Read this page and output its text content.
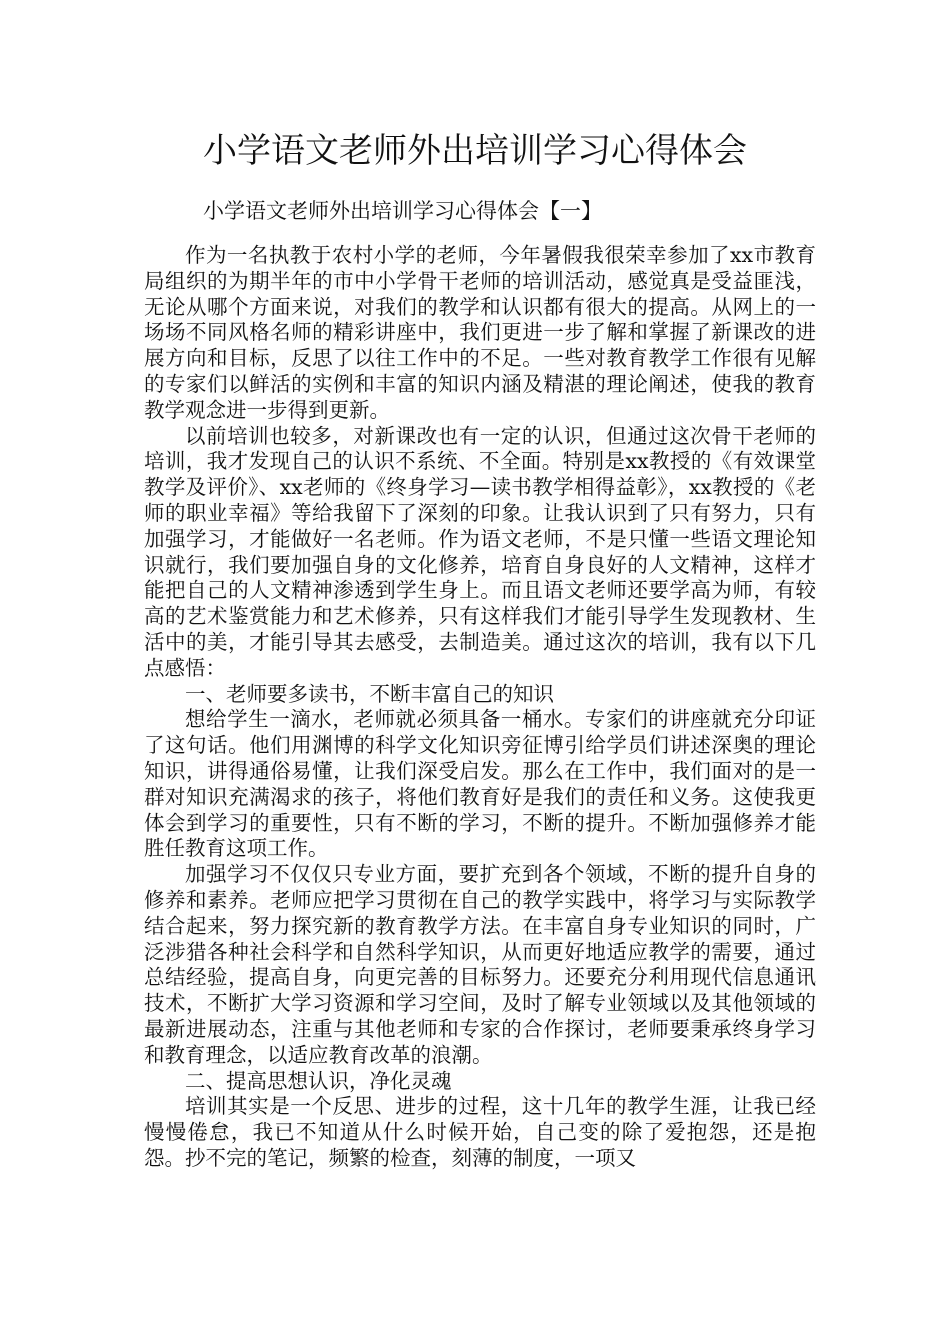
小学语文老师外出培训学习心得体会
小学语文老师外出培训学习心得体会【一】

作为一名执教于农村小学的老师，今年暑假我很荣幸参加了xx市教育局组织的为期半年的市中小学骨干老师的培训活动，感觉真是受益匪浅，无论从哪个方面来说，对我们的教学和认识都有很大的提高。从网上的一场场不同风格名师的精彩讲座中，我们更进一步了解和掌握了新课改的进展方向和目标，反思了以往工作中的不足。一些对教育教学工作很有见解的专家们以鲜活的实例和丰富的知识内涵及精湛的理论阐述，使我的教育教学观念进一步得到更新。

以前培训也较多，对新课改也有一定的认识，但通过这次骨干老师的培训，我才发现自己的认识不系统、不全面。特别是xx教授的《有效课堂教学及评价》、xx老师的《终身学习—读书教学相得益彰》，xx教授的《老师的职业幸福》等给我留下了深刻的印象。让我认识到了只有努力，只有加强学习，才能做好一名老师。作为语文老师，不是只懂一些语文理论知识就行，我们要加强自身的文化修养，培育自身良好的人文精神，这样才能把自己的人文精神渗透到学生身上。而且语文老师还要学高为师，有较高的艺术鉴赏能力和艺术修养，只有这样我们才能引导学生发现教材、生活中的美，才能引导其去感受，去制造美。通过这次的培训，我有以下几点感悟：

一、老师要多读书，不断丰富自己的知识

想给学生一滴水，老师就必须具备一桶水。专家们的讲座就充分印证了这句话。他们用渊博的科学文化知识旁征博引给学员们讲述深奥的理论知识，讲得通俗易懂，让我们深受启发。那么在工作中，我们面对的是一群对知识充满渴求的孩子，将他们教育好是我们的责任和义务。这使我更体会到学习的重要性，只有不断的学习，不断的提升。不断加强修养才能胜任教育这项工作。

加强学习不仅仅只专业方面，要扩充到各个领域，不断的提升自身的修养和素养。老师应把学习贯彻在自己的教学实践中，将学习与实际教学结合起来，努力探究新的教育教学方法。在丰富自身专业知识的同时，广泛涉猎各种社会科学和自然科学知识，从而更好地适应教学的需要，通过总结经验，提高自身，向更完善的目标努力。还要充分利用现代信息通讯技术，不断扩大学习资源和学习空间，及时了解专业领域以及其他领域的最新进展动态，注重与其他老师和专家的合作探讨，老师要秉承终身学习和教育理念，以适应教育改革的浪潮。

二、提高思想认识，净化灵魂

培训其实是一个反思、进步的过程，这十几年的教学生涯，让我已经慢慢倦怠，我已不知道从什么时候开始，自己变的除了爱抱怨，还是抱怨。抄不完的笔记，频繁的检查，刻薄的制度，一项又
